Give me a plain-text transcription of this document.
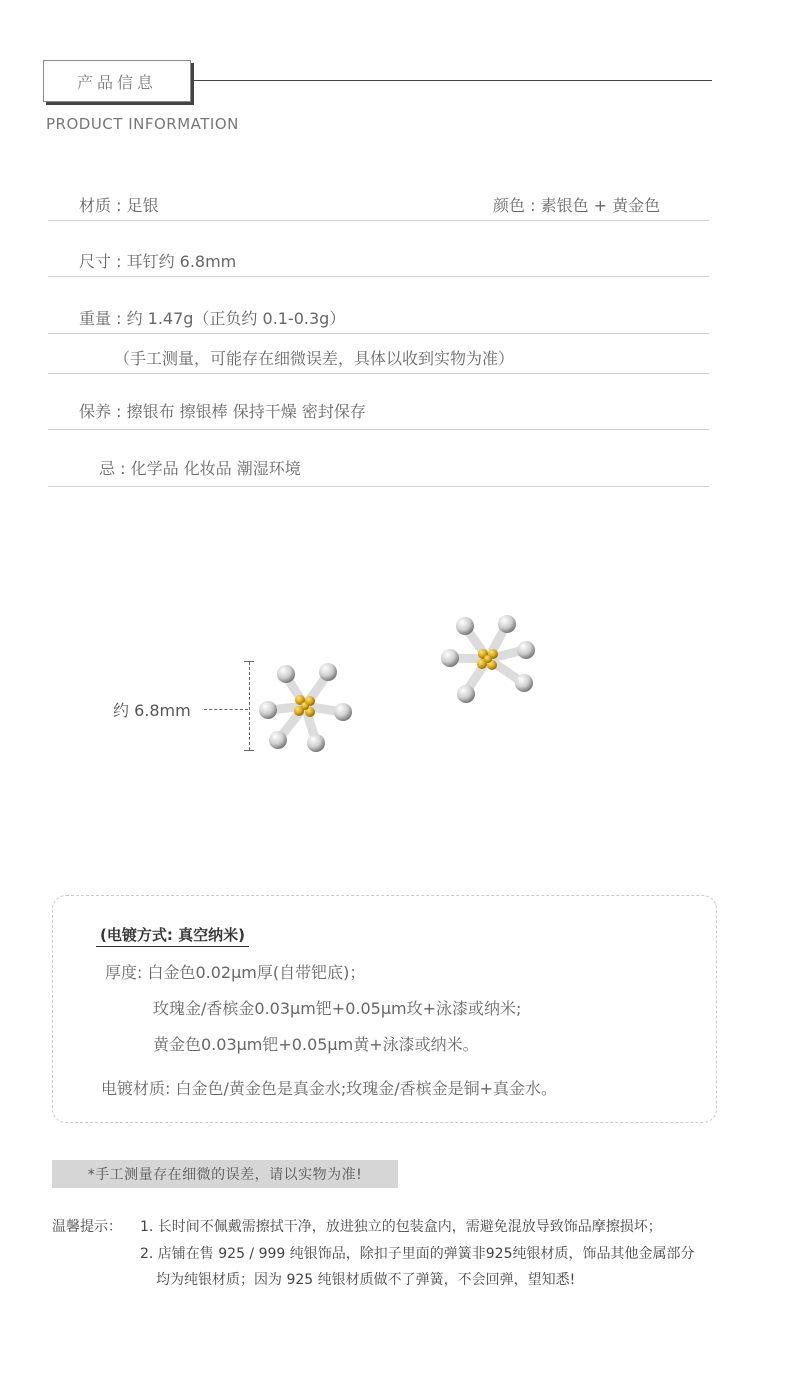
产品信息
PRODUCT INFORMATION
材质 : 足银	颜色 : 素银色 + 黄金色
尺寸 : 耳钉约 6.8mm
重量 : 约 1.47g（正负约 0.1-0.3g）
（手工测量，可能存在细微误差，具体以收到实物为准）
保养 : 擦银布 擦银棒 保持干燥 密封保存
忌 : 化学品 化妆品 潮湿环境
约 6.8mm
(电镀方式: 真空纳米)
厚度: 白金色0.02μm厚(自带钯底)；
玫瑰金/香槟金0.03μm钯+0.05μm玫+泳漆或纳米;
黄金色0.03μm钯+0.05μm黄+泳漆或纳米。
电镀材质: 白金色/黄金色是真金水;玫瑰金/香槟金是铜+真金水。
*手工测量存在细微的误差，请以实物为准!
温馨提示： 1. 长时间不佩戴需擦拭干净，放进独立的包装盒内，需避免混放导致饰品摩擦损坏；
2. 店铺在售 925 / 999 纯银饰品，除扣子里面的弹簧非925纯银材质，饰品其他金属部分
均为纯银材质；因为 925 纯银材质做不了弹簧，不会回弹，望知悉!
